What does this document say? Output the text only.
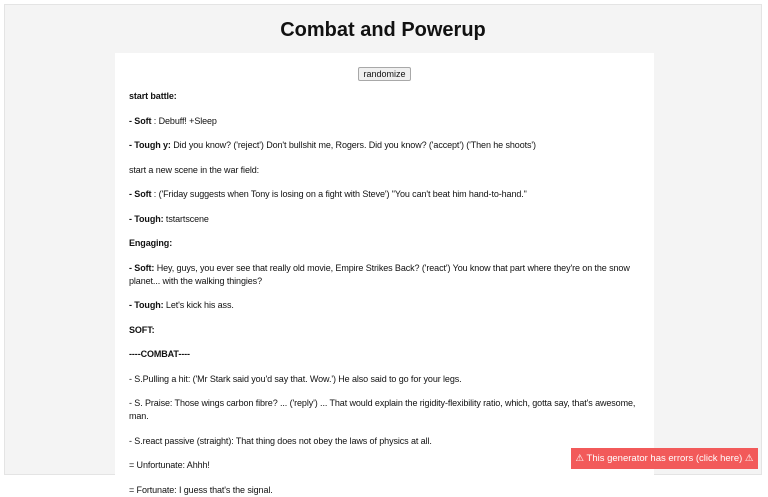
Combat and Powerup
randomize

start battle:

- Soft : Debuff! +Sleep

- Tough y: Did you know? ('reject') Don't bullshit me, Rogers. Did you know? ('accept') ('Then he shoots')

start a new scene in the war field:

- Soft : ('Friday suggests when Tony is losing on a fight with Steve') "You can't beat him hand-to-hand."

- Tough: tstartscene

Engaging:

- Soft: Hey, guys, you ever see that really old movie, Empire Strikes Back? ('react') You know that part where they're on the snow planet... with the walking thingies?

- Tough: Let's kick his ass.

SOFT:

----COMBAT----

- S.Pulling a hit: ('Mr Stark said you'd say that. Wow.') He also said to go for your legs.

- S. Praise: Those wings carbon fibre? ... ('reply') ... That would explain the rigidity-flexibility ratio, which, gotta say, that's awesome, man.

- S.react passive (straight): That thing does not obey the laws of physics at all.

= Unfortunate: Ahhh!

= Fortunate: I guess that's the signal.

⚠ This generator has errors (click here) ⚠
